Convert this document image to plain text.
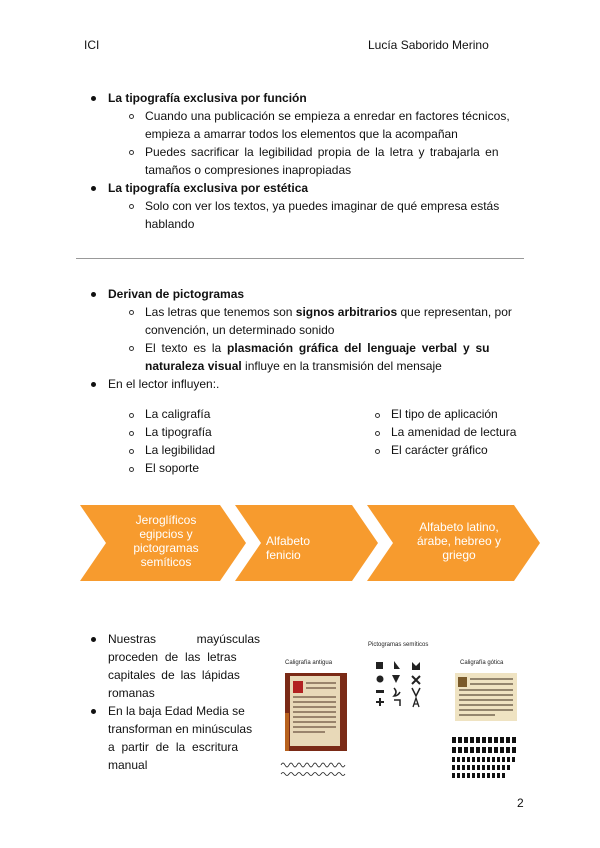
ICI	Lucía Saborido Merino
La tipografía exclusiva por función
Cuando una publicación se empieza a enredar en factores técnicos,
empieza a amarrar todos los elementos que la acompañan
Puedes sacrificar la legibilidad propia de la letra y trabajarla en
tamaños o compresiones inapropiadas
La tipografía exclusiva por estética
Solo con ver los textos, ya puedes imaginar de qué empresa estás
hablando
Derivan de pictogramas
Las letras que tenemos son signos arbitrarios que representan, por
convención, un determinado sonido
El texto es la plasmación gráfica del lenguaje verbal y su
naturaleza visual influye en la transmisión del mensaje
En el lector influyen:.
La caligrafía
La tipografía
La legibilidad
El soporte
El tipo de aplicación
La amenidad de lectura
El carácter gráfico
Jeroglíficos
egipcios y
pictogramas
semíticos
Alfabeto
fenicio
Alfabeto latino,
árabe, hebreo y
griego
Nuestras	mayúsculas
proceden de las letras
capitales de las lápidas
romanas
En la baja Edad Media se
transforman en minúsculas
a partir de la escritura
manual
Caligrafía antigua
Pictogramas semíticos
Caligrafía gótica
2
